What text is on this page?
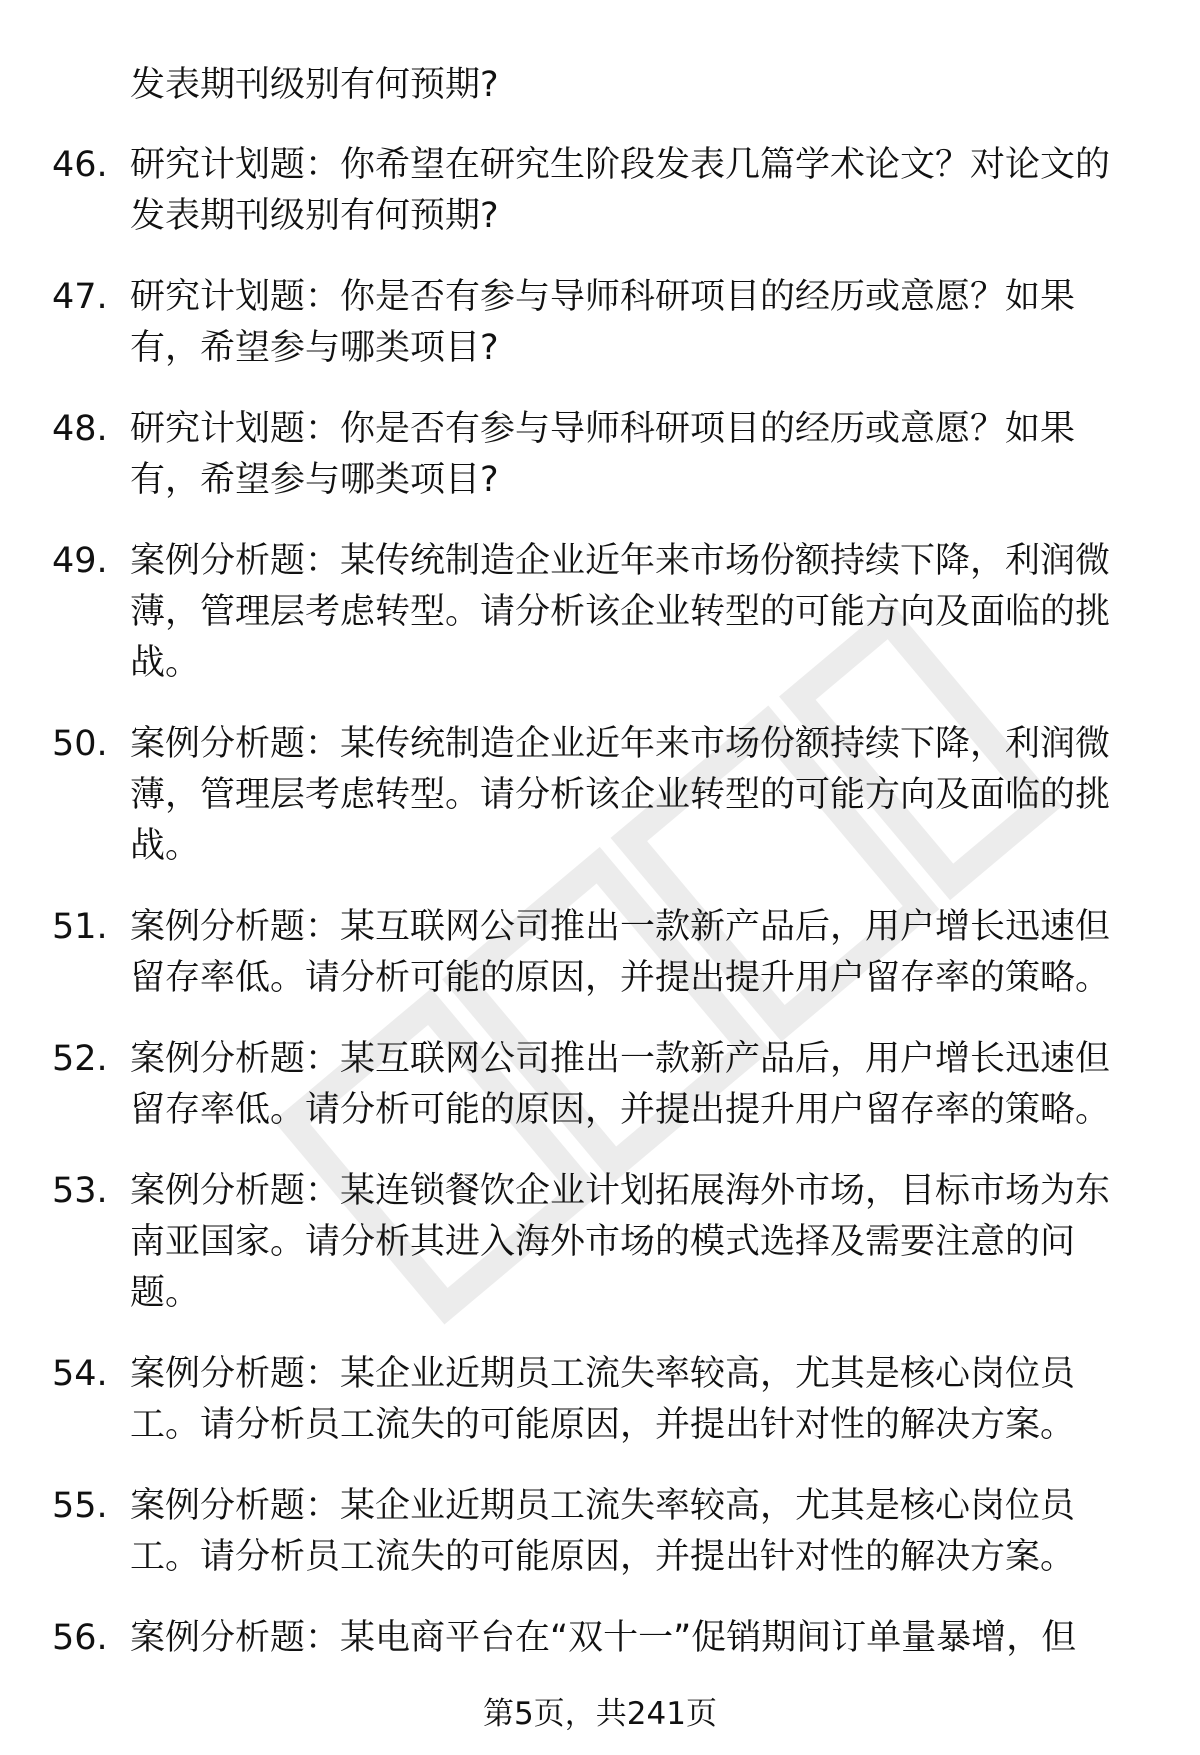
发表期刊级别有何预期?
46. 研究计划题：你希望在研究生阶段发表几篇学术论文？对论文的发表期刊级别有何预期?
47. 研究计划题：你是否有参与导师科研项目的经历或意愿？如果有，希望参与哪类项目?
48. 研究计划题：你是否有参与导师科研项目的经历或意愿？如果有，希望参与哪类项目?
49. 案例分析题：某传统制造企业近年来市场份额持续下降，利润微薄，管理层考虑转型。请分析该企业转型的可能方向及面临的挑战。
50. 案例分析题：某传统制造企业近年来市场份额持续下降，利润微薄，管理层考虑转型。请分析该企业转型的可能方向及面临的挑战。
51. 案例分析题：某互联网公司推出一款新产品后，用户增长迅速但留存率低。请分析可能的原因，并提出提升用户留存率的策略。
52. 案例分析题：某互联网公司推出一款新产品后，用户增长迅速但留存率低。请分析可能的原因，并提出提升用户留存率的策略。
53. 案例分析题：某连锁餐饮企业计划拓展海外市场，目标市场为东南亚国家。请分析其进入海外市场的模式选择及需要注意的问题。
54. 案例分析题：某企业近期员工流失率较高，尤其是核心岗位员工。请分析员工流失的可能原因，并提出针对性的解决方案。
55. 案例分析题：某企业近期员工流失率较高，尤其是核心岗位员工。请分析员工流失的可能原因，并提出针对性的解决方案。
56. 案例分析题：某电商平台在“双十一”促销期间订单量暴增，但
第5页，共241页
